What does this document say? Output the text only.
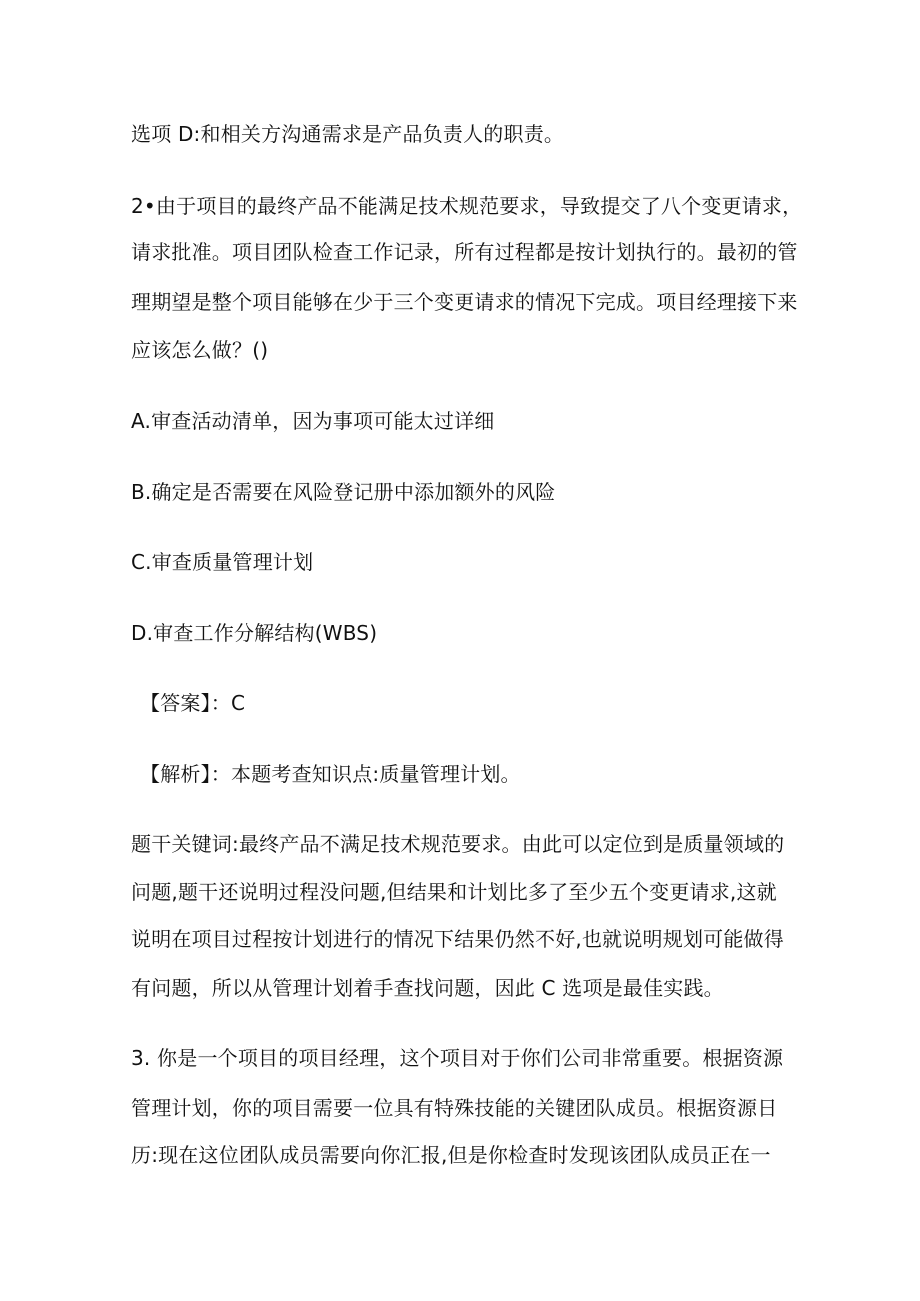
选项 D:和相关方沟通需求是产品负责人的职责。
2•由于项目的最终产品不能满足技术规范要求，导致提交了八个变更请求，
请求批准。项目团队检查工作记录，所有过程都是按计划执行的。最初的管
理期望是整个项目能够在少于三个变更请求的情况下完成。项目经理接下来
应该怎么做？()
A.审查活动清单，因为事项可能太过详细
B.确定是否需要在风险登记册中添加额外的风险
C.审查质量管理计划
D.审查工作分解结构(WBS)
【答案】：C
【解析】：本题考查知识点:质量管理计划。
题干关键词:最终产品不满足技术规范要求。由此可以定位到是质量领域的
问题,题干还说明过程没问题,但结果和计划比多了至少五个变更请求,这就
说明在项目过程按计划进行的情况下结果仍然不好,也就说明规划可能做得
有问题，所以从管理计划着手查找问题，因此 C 选项是最佳实践。
3. 你是一个项目的项目经理，这个项目对于你们公司非常重要。根据资源
管理计划，你的项目需要一位具有特殊技能的关键团队成员。根据资源日
历:现在这位团队成员需要向你汇报,但是你检查时发现该团队成员正在一
